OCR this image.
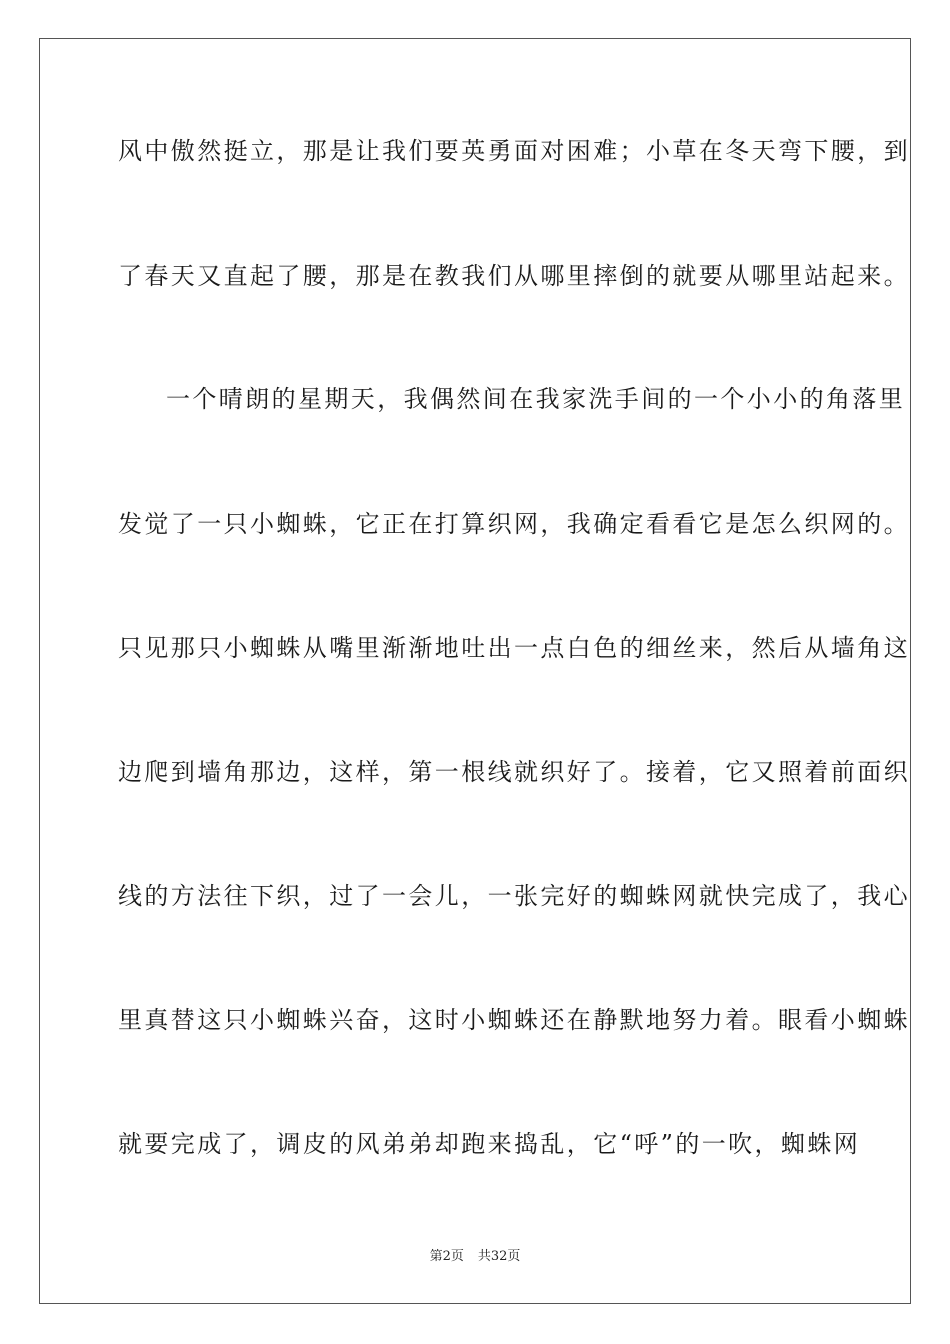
风中傲然挺立，那是让我们要英勇面对困难；小草在冬天弯下腰，到
了春天又直起了腰，那是在教我们从哪里摔倒的就要从哪里站起来。
一个晴朗的星期天，我偶然间在我家洗手间的一个小小的角落里
发觉了一只小蜘蛛，它正在打算织网，我确定看看它是怎么织网的。
只见那只小蜘蛛从嘴里渐渐地吐出一点白色的细丝来，然后从墙角这
边爬到墙角那边，这样，第一根线就织好了。接着，它又照着前面织
线的方法往下织，过了一会儿，一张完好的蜘蛛网就快完成了，我心
里真替这只小蜘蛛兴奋，这时小蜘蛛还在静默地努力着。眼看小蜘蛛
就要完成了，调皮的风弟弟却跑来捣乱，它“呼”的一吹，蜘蛛网
第2页 共32页
